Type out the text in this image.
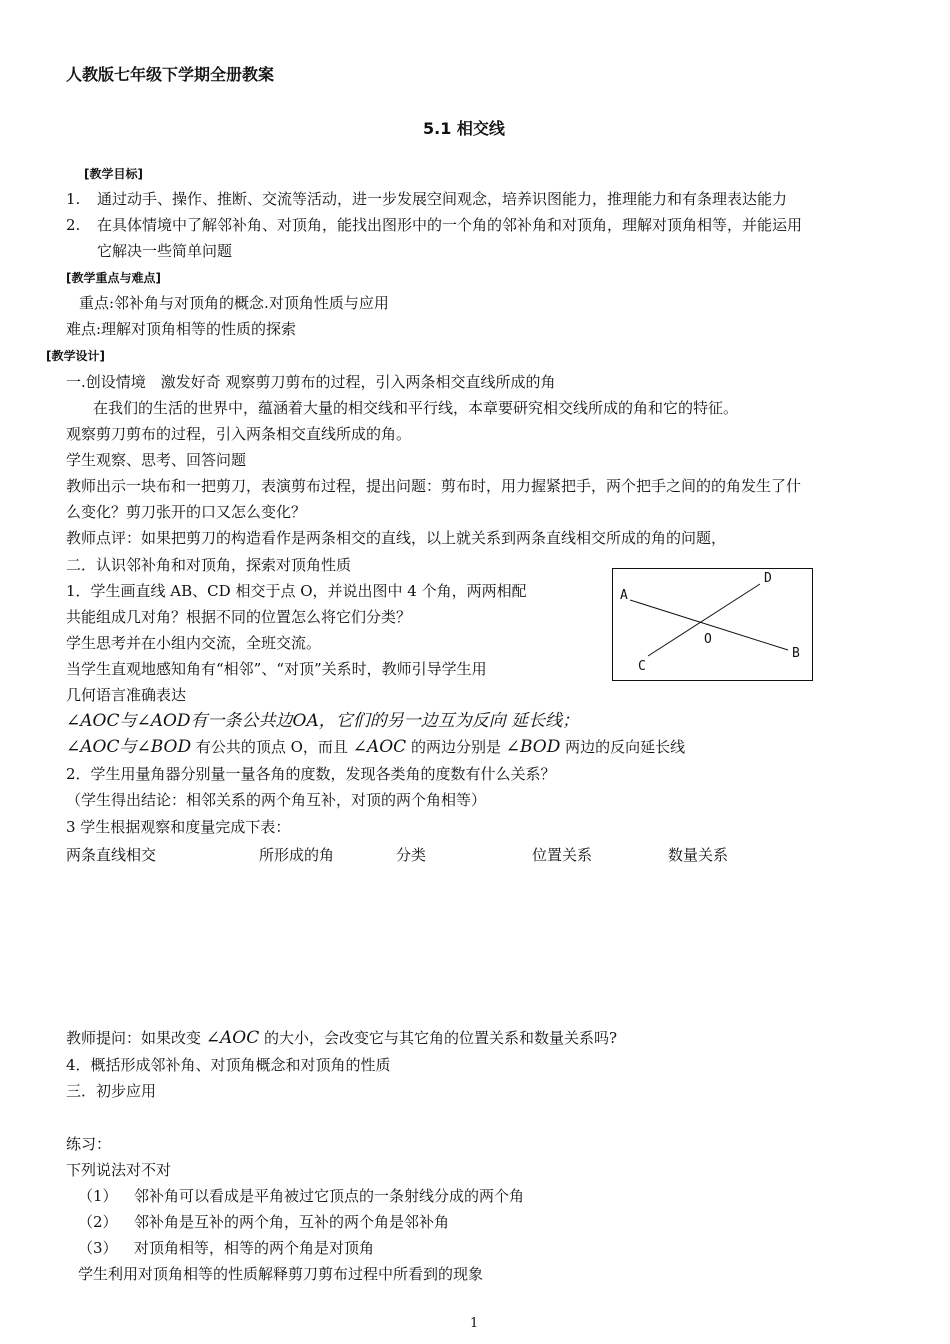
人教版七年级下学期全册教案
5.1 相交线
[教学目标]
1. 通过动手、操作、推断、交流等活动，进一步发展空间观念，培养识图能力，推理能力和有条理表达能力
2. 在具体情境中了解邻补角、对顶角，能找出图形中的一个角的邻补角和对顶角，理解对顶角相等，并能运用
它解决一些简单问题
[教学重点与难点]
重点:邻补角与对顶角的概念.对顶角性质与应用
难点:理解对顶角相等的性质的探索
[教学设计]
一.创设情境　激发好奇 观察剪刀剪布的过程，引入两条相交直线所成的角
在我们的生活的世界中，蕴涵着大量的相交线和平行线，本章要研究相交线所成的角和它的特征。
观察剪刀剪布的过程，引入两条相交直线所成的角。
学生观察、思考、回答问题
教师出示一块布和一把剪刀，表演剪布过程，提出问题：剪布时，用力握紧把手，两个把手之间的的角发生了什
么变化？剪刀张开的口又怎么变化？
教师点评：如果把剪刀的构造看作是两条相交的直线，以上就关系到两条直线相交所成的角的问题，
二．认识邻补角和对顶角，探索对顶角性质
1．学生画直线 AB、CD 相交于点 O，并说出图中 4 个角，两两相配
共能组成几对角？根据不同的位置怎么将它们分类？
学生思考并在小组内交流，全班交流。
当学生直观地感知角有“相邻”、“对顶”关系时，教师引导学生用
几何语言准确表达
A
B
C
D
O
∠AOC与∠AOD有一条公共边OA，它们的另一边互为反向 延长线；
∠AOC与∠BOD 有公共的顶点 O，而且 ∠AOC 的两边分别是 ∠BOD 两边的反向延长线
2．学生用量角器分别量一量各角的度数，发现各类角的度数有什么关系？
（学生得出结论：相邻关系的两个角互补，对顶的两个角相等）
3 学生根据观察和度量完成下表：
两条直线相交	所形成的角	分类	位置关系	数量关系
教师提问：如果改变 ∠AOC 的大小，会改变它与其它角的位置关系和数量关系吗?
4．概括形成邻补角、对顶角概念和对顶角的性质
三．初步应用
练习：
下列说法对不对
（1） 邻补角可以看成是平角被过它顶点的一条射线分成的两个角
（2） 邻补角是互补的两个角，互补的两个角是邻补角
（3） 对顶角相等，相等的两个角是对顶角
学生利用对顶角相等的性质解释剪刀剪布过程中所看到的现象
1
